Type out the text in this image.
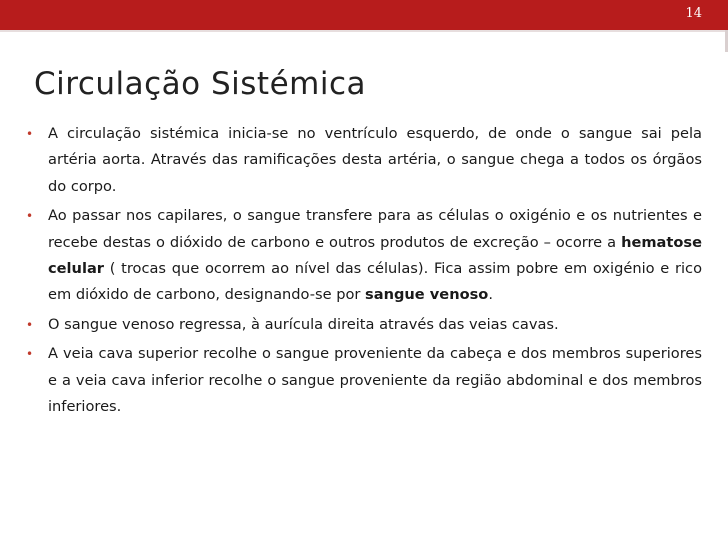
14
Circulação Sistémica
• A circulação sistémica inicia-se no ventrículo esquerdo, de onde o sangue sai pela artéria aorta. Através das ramificações desta artéria, o sangue chega a todos os órgãos do corpo.
• Ao passar nos capilares, o sangue transfere para as células o oxigénio e os nutrientes e recebe destas o dióxido de carbono e outros produtos de excreção – ocorre a hematose celular ( trocas que ocorrem ao nível das células). Fica assim pobre em oxigénio e rico em dióxido de carbono, designando-se por sangue venoso.
• O sangue venoso regressa, à aurícula direita através das veias cavas.
• A veia cava superior recolhe o sangue proveniente da cabeça e dos membros superiores e a veia cava inferior recolhe o sangue proveniente da região abdominal e dos membros inferiores.
